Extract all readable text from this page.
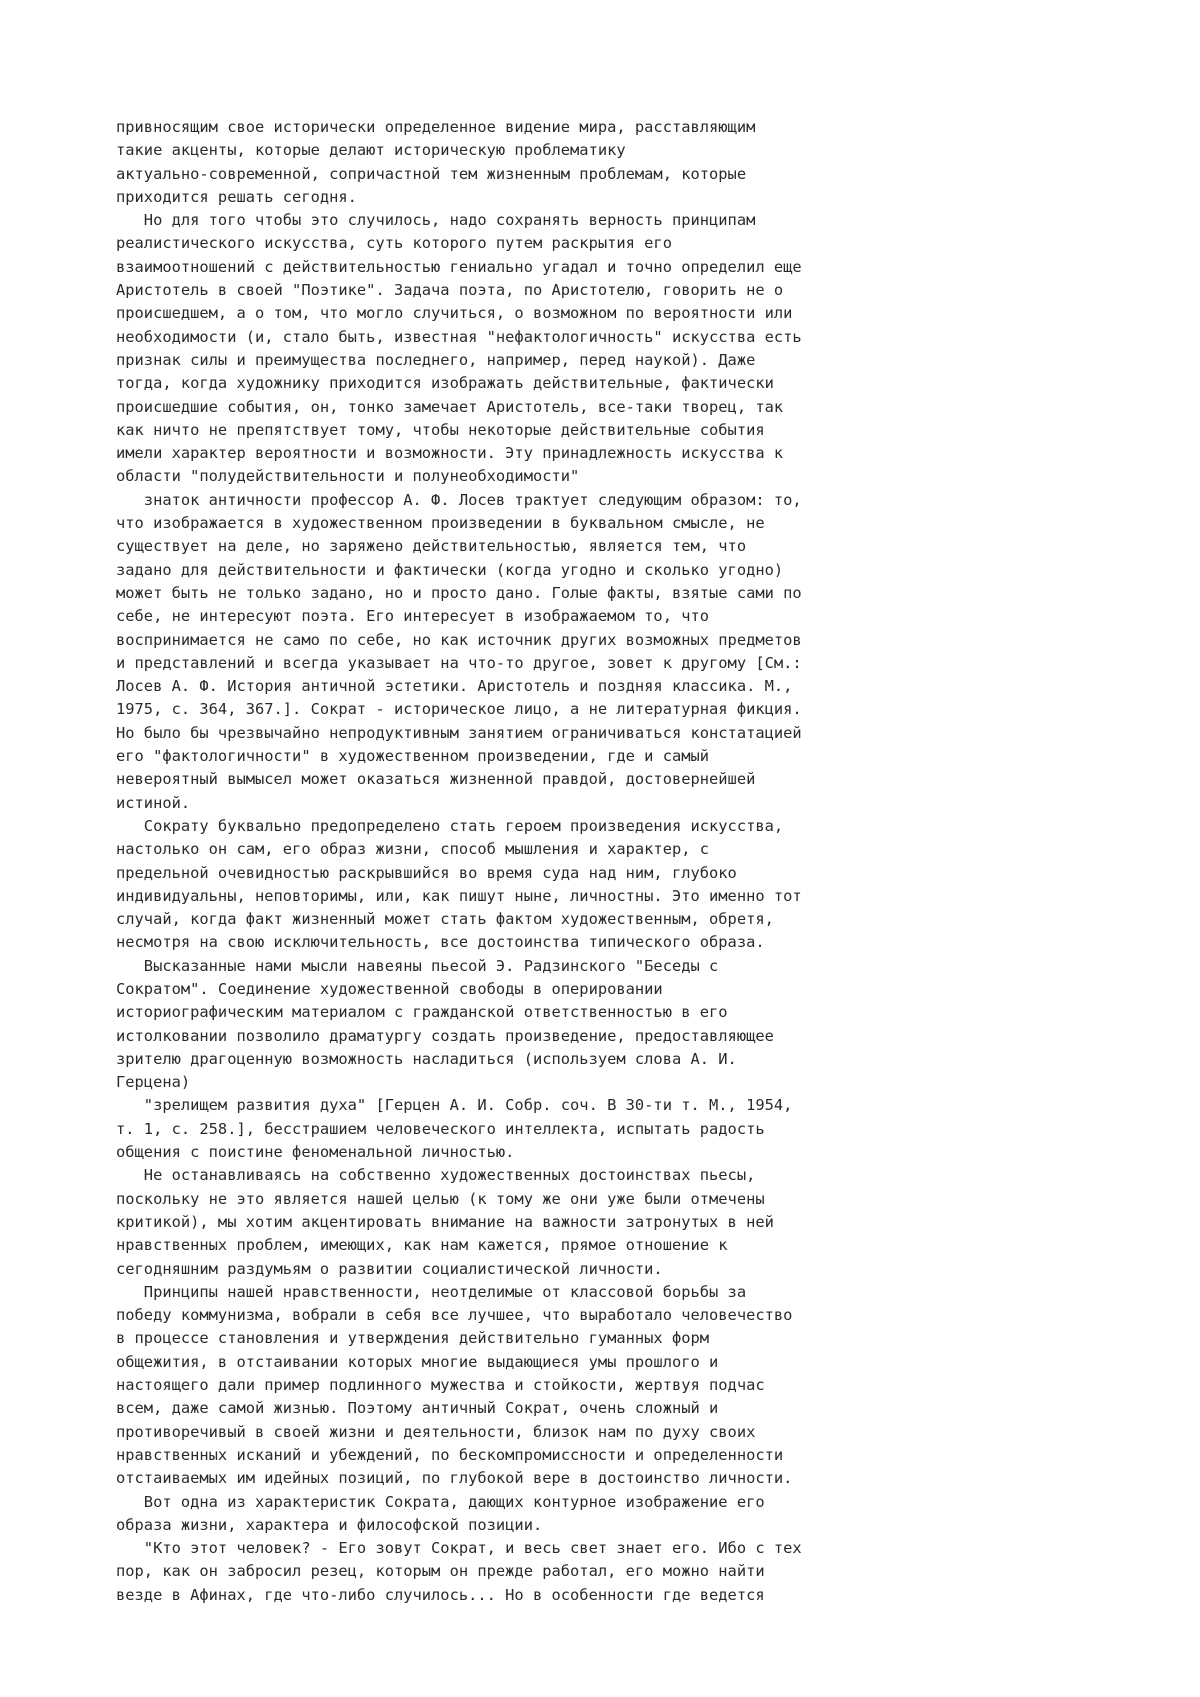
привносящим свое исторически определенное видение мира, расставляющим
такие акценты, которые делают историческую проблематику
актуально-современной, сопричастной тем жизненным проблемам, которые
приходится решать сегодня.
Но для того чтобы это случилось, надо сохранять верность принципам
реалистического искусства, суть которого путем раскрытия его
взаимоотношений с действительностью гениально угадал и точно определил еще
Аристотель в своей "Поэтике". Задача поэта, по Аристотелю, говорить не о
происшедшем, а о том, что могло случиться, о возможном по вероятности или
необходимости (и, стало быть, известная "нефактологичность" искусства есть
признак силы и преимущества последнего, например, перед наукой). Даже
тогда, когда художнику приходится изображать действительные, фактически
происшедшие события, он, тонко замечает Аристотель, все-таки творец, так
как ничто не препятствует тому, чтобы некоторые действительные события
имели характер вероятности и возможности. Эту принадлежность искусства к
области "полудействительности и полунеобходимости"
знаток античности профессор А. Ф. Лосев трактует следующим образом: то,
что изображается в художественном произведении в буквальном смысле, не
существует на деле, но заряжено действительностью, является тем, что
задано для действительности и фактически (когда угодно и сколько угодно)
может быть не только задано, но и просто дано. Голые факты, взятые сами по
себе, не интересуют поэта. Его интересует в изображаемом то, что
воспринимается не само по себе, но как источник других возможных предметов
и представлений и всегда указывает на что-то другое, зовет к другому [См.:
Лосев А. Ф. История античной эстетики. Аристотель и поздняя классика. М.,
1975, с. 364, 367.]. Сократ - историческое лицо, а не литературная фикция.
Но было бы чрезвычайно непродуктивным занятием ограничиваться констатацией
его "фактологичности" в художественном произведении, где и самый
невероятный вымысел может оказаться жизненной правдой, достовернейшей
истиной.
Сократу буквально предопределено стать героем произведения искусства,
настолько он сам, его образ жизни, способ мышления и характер, с
предельной очевидностью раскрывшийся во время суда над ним, глубоко
индивидуальны, неповторимы, или, как пишут ныне, личностны. Это именно тот
случай, когда факт жизненный может стать фактом художественным, обретя,
несмотря на свою исключительность, все достоинства типического образа.
Высказанные нами мысли навеяны пьесой Э. Радзинского "Беседы с
Сократом". Соединение художественной свободы в оперировании
историографическим материалом с гражданской ответственностью в его
истолковании позволило драматургу создать произведение, предоставляющее
зрителю драгоценную возможность насладиться (используем слова А. И.
Герцена)
"зрелищем развития духа" [Герцен А. И. Собр. соч. В 30-ти т. М., 1954,
т. 1, с. 258.], бесстрашием человеческого интеллекта, испытать радость
общения с поистине феноменальной личностью.
Не останавливаясь на собственно художественных достоинствах пьесы,
поскольку не это является нашей целью (к тому же они уже были отмечены
критикой), мы хотим акцентировать внимание на важности затронутых в ней
нравственных проблем, имеющих, как нам кажется, прямое отношение к
сегодняшним раздумьям о развитии социалистической личности.
Принципы нашей нравственности, неотделимые от классовой борьбы за
победу коммунизма, вобрали в себя все лучшее, что выработало человечество
в процессе становления и утверждения действительно гуманных форм
общежития, в отстаивании которых многие выдающиеся умы прошлого и
настоящего дали пример подлинного мужества и стойкости, жертвуя подчас
всем, даже самой жизнью. Поэтому античный Сократ, очень сложный и
противоречивый в своей жизни и деятельности, близок нам по духу своих
нравственных исканий и убеждений, по бескомпромиссности и определенности
отстаиваемых им идейных позиций, по глубокой вере в достоинство личности.
Вот одна из характеристик Сократа, дающих контурное изображение его
образа жизни, характера и философской позиции.
"Кто этот человек? - Его зовут Сократ, и весь свет знает его. Ибо с тех
пор, как он забросил резец, которым он прежде работал, его можно найти
везде в Афинах, где что-либо случилось... Но в особенности где ведется
